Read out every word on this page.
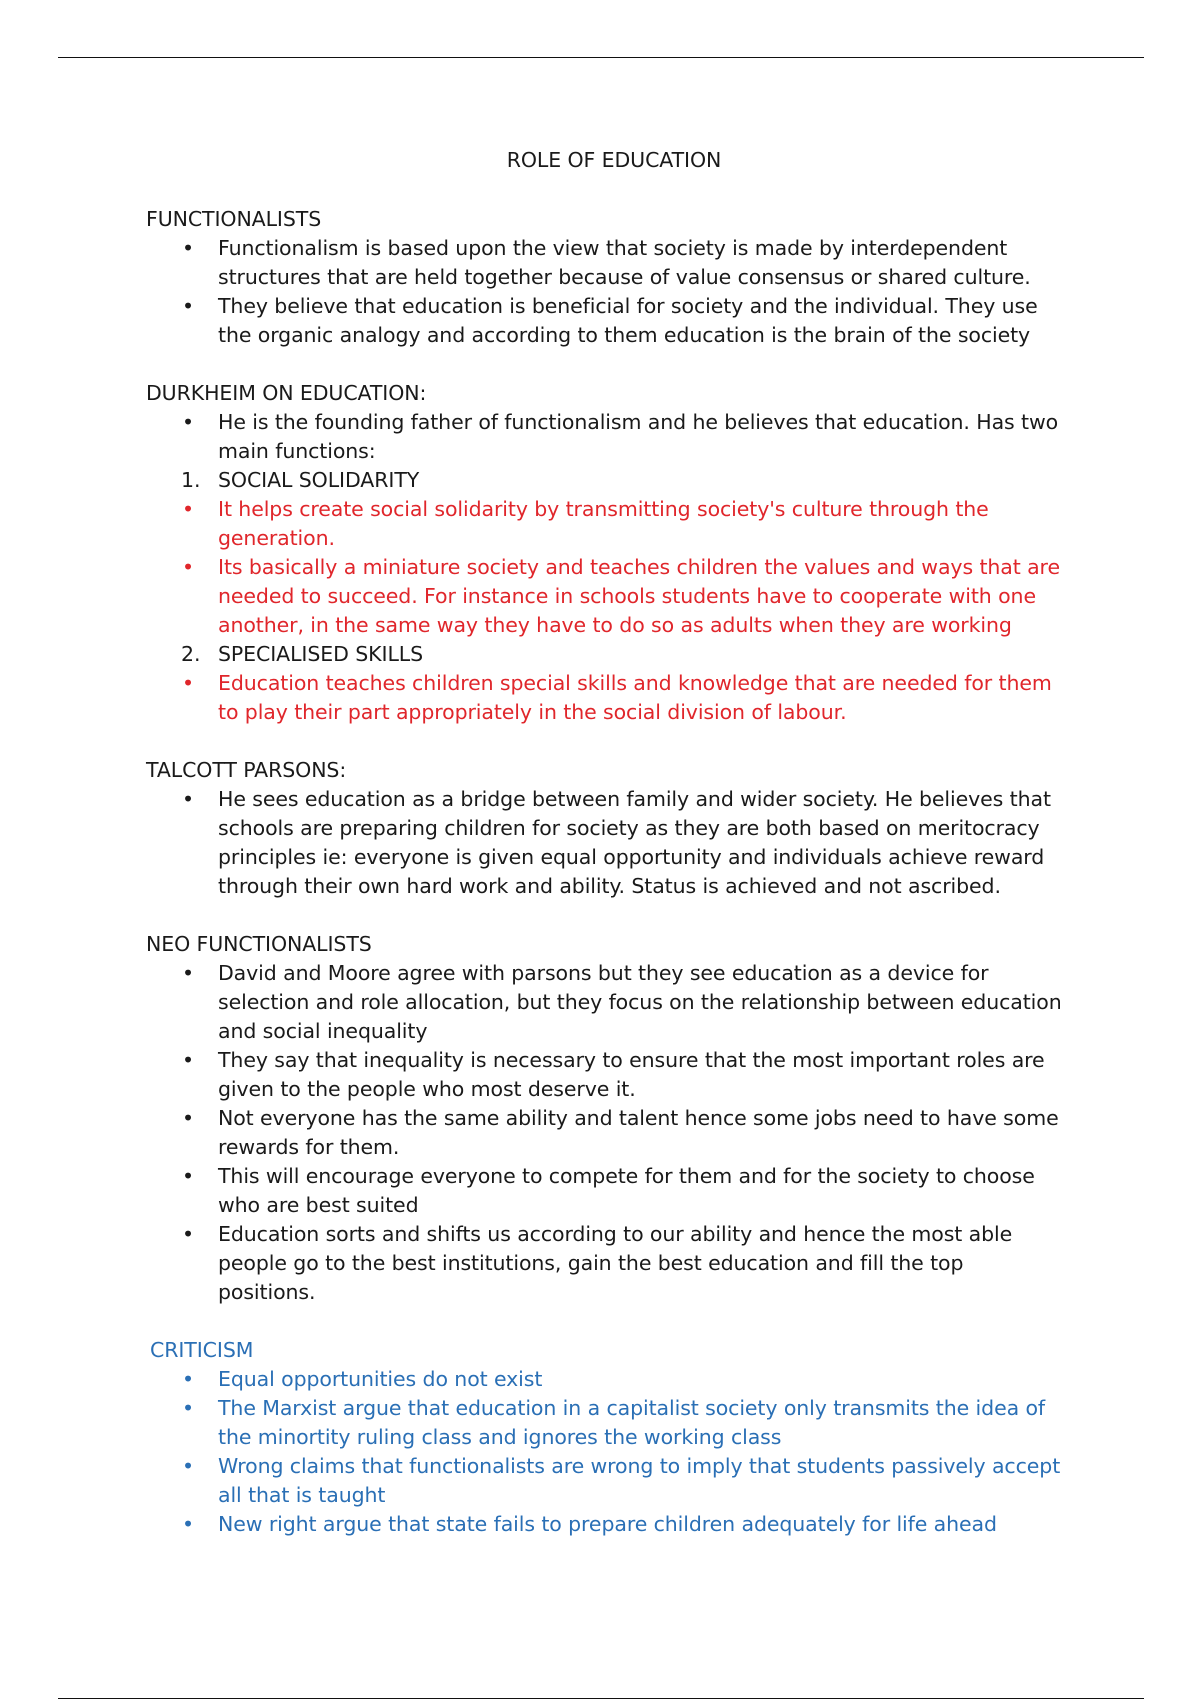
ROLE OF EDUCATION
FUNCTIONALISTS
• Functionalism is based upon the view that society is made by interdependent structures that are held together because of value consensus or shared culture.
• They believe that education is beneficial for society and the individual. They use the organic analogy and according to them education is the brain of the society
DURKHEIM ON EDUCATION:
• He is the founding father of functionalism and he believes that education. Has two main functions:
1. SOCIAL SOLIDARITY
• It helps create social solidarity by transmitting society's culture through the generation.
• Its basically a miniature society and teaches children the values and ways that are needed to succeed. For instance in schools students have to cooperate with one another, in the same way they have to do so as adults when they are working
2. SPECIALISED SKILLS
• Education teaches children special skills and knowledge that are needed for them to play their part appropriately in the social division of labour.
TALCOTT PARSONS:
• He sees education as a bridge between family and wider society. He believes that schools are preparing children for society as they are both based on meritocracy principles ie: everyone is given equal opportunity and individuals achieve reward through their own hard work and ability. Status is achieved and not ascribed.
NEO FUNCTIONALISTS
• David and Moore agree with parsons but they see education as a device for selection and role allocation, but they focus on the relationship between education and social inequality
• They say that inequality is necessary to ensure that the most important roles are given to the people who most deserve it.
• Not everyone has the same ability and talent hence some jobs need to have some rewards for them.
• This will encourage everyone to compete for them and for the society to choose who are best suited
• Education sorts and shifts us according to our ability and hence the most able people go to the best institutions, gain the best education and fill the top positions.
CRITICISM
• Equal opportunities do not exist
• The Marxist argue that education in a capitalist society only transmits the idea of the minortity ruling class and ignores the working class
• Wrong claims that functionalists are wrong to imply that students passively accept all that is taught
• New right argue that state fails to prepare children adequately for life ahead
